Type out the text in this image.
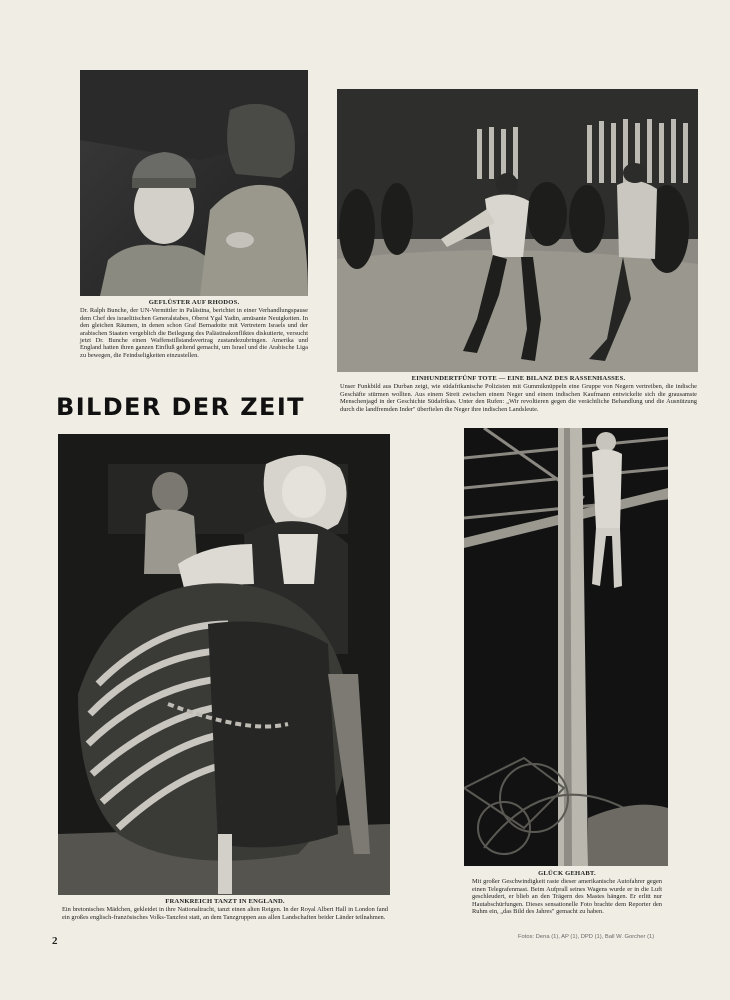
GEFLÜSTER AUF RHODOS.
Dr. Ralph Bunche, der UN-Vermittler in Palästina, berichtet in einer Verhandlungspause dem Chef des israelitischen Generalstabes, Oberst Ygal Yadin, amüsante Neuigkeiten. In den gleichen Räumen, in denen schon Graf Bernadotte mit Vertretern Israels und der arabischen Staaten vergeblich die Beilegung des Palästinakonfliktes diskutierte, versucht jetzt Dr. Bunche einen Waffenstillstandsvertrag zustandezubringen. Amerika und England hatten ihren ganzen Einfluß geltend gemacht, um Israel und die Arabische Liga zu bewegen, die Feindseligkeiten einzustellen.
EINHUNDERTFÜNF TOTE — EINE BILANZ DES RASSENHASSES.
Unser Funkbild aus Durban zeigt, wie südafrikanische Polizisten mit Gummiknüppeln eine Gruppe von Negern vertreiben, die indische Geschäfte stürmen wollten. Aus einem Streit zwischen einem Neger und einem indischen Kaufmann entwickelte sich die grausamste Menschenjagd in der Geschichte Südafrikas. Unter den Rufen: „Wir revoltieren gegen die verächtliche Behandlung und die Ausnützung durch die landfremden Inder" überfielen die Neger ihre indischen Landsleute.
BILDER DER ZEIT
FRANKREICH TANZT IN ENGLAND.
Ein bretonisches Mädchen, gekleidet in ihre Nationaltracht, tanzt einen alten Reigen. In der Royal Albert Hall in London fand ein großes englisch-französisches Volks-Tanzfest statt, an dem Tanzgruppen aus allen Landschaften beider Länder teilnahmen.
GLÜCK GEHABT.
Mit großer Geschwindigkeit raste dieser amerikanische Autofahrer gegen einen Telegrafenmast. Beim Aufprall seines Wagens wurde er in die Luft geschleudert, er blieb an den Trägern des Mastes hängen. Er erlitt nur Hautabschürfungen. Dieses sensationelle Foto brachte dem Reporter den Ruhm ein, „das Bild des Jahres" gemacht zu haben.
2	Fotos: Dena (1), AP (1), DPD (1), Ball W. Gorcher (1)
